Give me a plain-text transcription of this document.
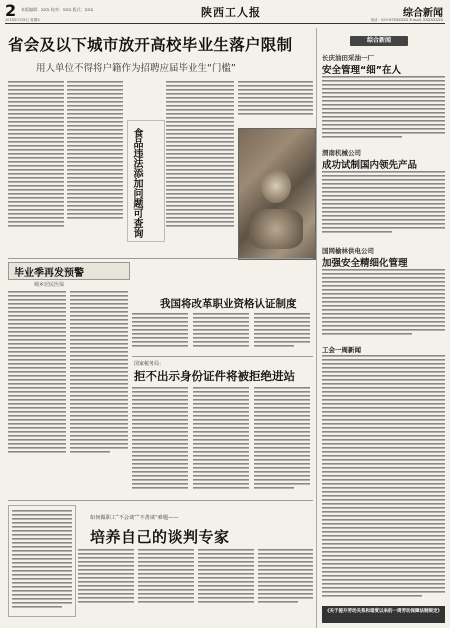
2 本版编辑：XXX 校对：XXX 版式：XXX
2014年5月X日 星期X
陕西工人报	综合新闻
电话：029-87XXXXXX E-mail: XXXXXXXX
省会及以下城市放开高校毕业生落户限制
用人单位不得将户籍作为招聘应届毕业生“门槛”
食品违法添加问题可查询
综合新闻
长庆油田采油一厂
安全管理“细”在人
渭南机械公司
成功试制国内领先产品
国网榆林供电公司
加强安全精细化管理
工会一周新闻
毕业季再发预警
城乡居民医保
我国将改革职业资格认证制度
国家税务局：
拒不出示身份证件将被拒绝进站
如何做职工“不会谈”“不善谈”难题——
培养自己的谈判专家
《关于提升劳动关系和谐度以来的一周劳动保障法制规定》
